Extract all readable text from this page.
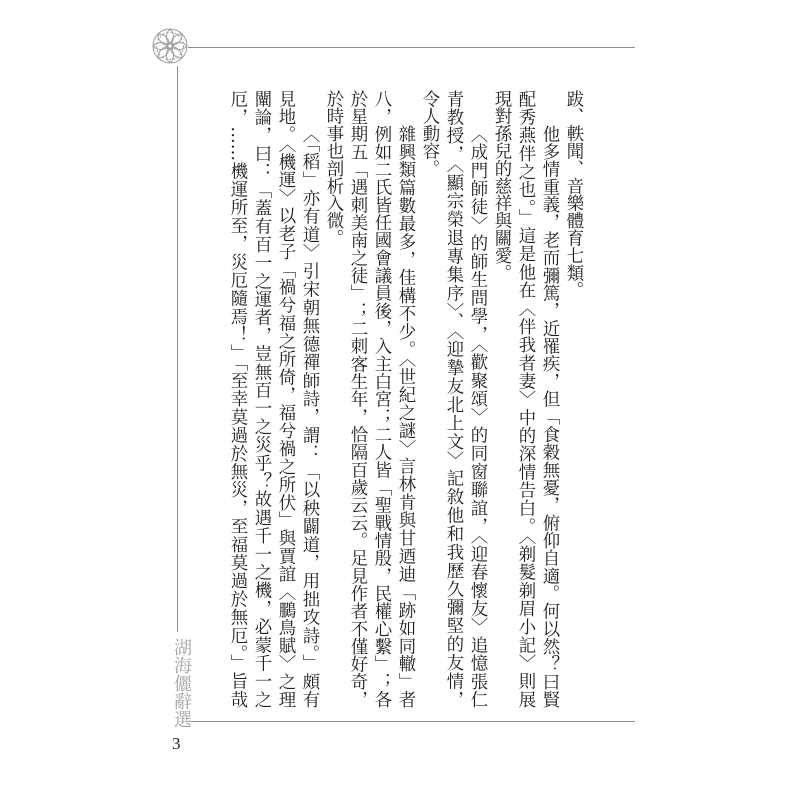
跋、軼聞、音樂體育七類。
他多情重義，老而彌篤，近罹疾，但「食穀無憂，俯仰自適。何以然？曰賢
配秀燕伴之也。」這是他在〈伴我者妻〉中的深情告白。〈剃髮剃眉小記〉則展
現對孫兒的慈祥與關愛。
〈成門師徒〉的師生問學，〈歡聚頌〉的同窗聯誼，〈迎春懷友〉追憶張仁
青教授，〈顯宗榮退專集序〉、〈迎摯友北上文〉記敘他和我歷久彌堅的友情，
令人動容。
雜興類篇數最多，佳構不少。〈世紀之謎〉言林肯與甘迺迪「跡如同轍」者
八，例如二氏皆任國會議員後，入主白宮；二人皆「聖戰情殷，民權心繫」；各
於星期五「遇刺美南之徒」；二刺客生年，恰隔百歲云云。足見作者不僅好奇，
於時事也剖析入微。
〈「稻」亦有道〉引宋朝無德禪師詩，謂：「以秧闢道，用拙攻詩。」頗有
見地。〈機運〉以老子「禍兮福之所倚，福兮禍之所伏」與賈誼〈鵩鳥賦〉之理
闡論，曰：「蓋有百一之運者，豈無百一之災乎？故遇千一之機，必蒙千一之
厄，……機運所至，災厄隨焉！」「至幸莫過於無災，至福莫過於無厄。」旨哉
湖海儷辭選
3
